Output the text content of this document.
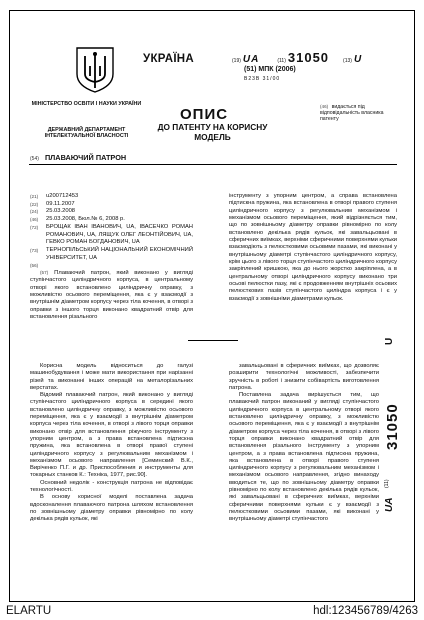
УКРАЇНА
МІНІСТЕРСТВО ОСВІТИ І НАУКИ УКРАЇНИ
ДЕРЖАВНИЙ ДЕПАРТАМЕНТ ІНТЕЛЕКТУАЛЬНОЇ ВЛАСНОСТІ
(19) UA	(11) 31050	(13) U
(51) МПК (2006)
B23B 31/00
ОПИС
ДО ПАТЕНТУ НА КОРИСНУ МОДЕЛЬ
(46) видається під відповідальність власника патенту
(54) ПЛАВАЮЧИЙ ПАТРОН
(21)	u200712453
(22)	09.11.2007
(24)	25.03.2008
(46)	25.03.2008, Бюл.№ 6, 2008 р.
(72)	БРОЩАК ІВАН ІВАНОВИЧ, UA, ІВАСЕЧКО РОМАН РОМАНОВИЧ, UA, ЛЯЩУК ОЛЕГ ЛЕОНТІЙОВИЧ, UA, ГЕВКО РОМАН БОГДАНОВИЧ, UA
(73)	ТЕРНОПІЛЬСЬКИЙ НАЦІОНАЛЬНИЙ ЕКОНОМІЧНИЙ УНІВЕРСИТЕТ, UA
(56)

(57) Плаваючий патрон, який виконано у вигляді ступінчастого циліндричного корпуса, в центральному отворі якого встановлено циліндричну оправку, з можливістю осьового переміщення, яка є у взаємодії з внутрішнім діаметром корпусу через тіла кочення, в отворі з оправки з іншого торця виконано квадратний отвір для встановлення різального

інструменту з упорним центром, а справа встановлена підтискна пружина, яка встановлена в отворі правого ступеня циліндричного корпусу з регулювальним механізмом і механізмом осьового переміщення, який відрізняється тим, що по зовнішньому діаметру оправки рівномірно по колу встановлено декілька рядів кульок, які завальцьовані в сферичних виїмках, верхніми сферичними поверхнями кульки взаємодіють з пелюстковими осьовими пазами, які виконані у внутрішньому діаметрі ступінчастого циліндричного корпусу, крім цього з лівого торця ступінчастого циліндричного корпусу закріплений кришкою, яка до нього жорстко закріплена, а в центральному отворі циліндричного корпусу виконано три осьові пелюстки пазу, які є продовженням внутрішніх осьових пелюсткових пазів ступінчастого циліндра корпуса і є у взаємодії з зовнішніми діаметрами кульок.

Корисна модель відноситься до галузі машинобудування і може мати використання при нарізанні різей та виконанні інших операцій на металорізальних верстатах.

Відомий плаваючий патрон, який виконано у вигляді ступінчастого циліндричного корпуса в середині якого встановлено циліндричну оправку, з можливістю осьового переміщення, яка є у взаємодії з внутрішнім діаметром корпуса через тіла кочення, в отворі з лівого торця оправки виконано отвір для встановлення ріжучого інструменту з упорним центром, а з права встановлена підтискна пружина, яка встановлена в отворі правої ступені циліндричного корпусу з регулювальним механізмом і механізмом осьового направлення [Семинский В.К., Виріченко П.Г. и др. Приспособления и инструменты для токарных станков К.: Техніка, 1977, рис.90].

Основний недолік - конструкція патрона не відповідає технологічності.

В основу корисної моделі поставлена задача вдосконалення плаваючого патрона шляхом встановлення по зовнішньому діаметру оправки рівномірно по колу декілька рядів кульок, які

завальцьовані в сферичних виїмках, що дозволяє розширити технологічні можливості, забезпечити зручність в роботі і знизити собівартість виготовлення патрона.

Поставлена задача вирішується тим, що плаваючий патрон виконаний у вигляді ступінчастого циліндричного корпуса в центральному отворі якого встановлено циліндричну оправку, з можливістю осьового переміщення, яка є у взаємодії з внутрішнім діаметром корпуса через тіла кочення, в отворі з лівого торця оправки виконано квадратний отвір для встановлення різального інструменту з упорним центром, а з права встановлена підтискна пружина, яка встановлена в отворі правого ступеня циліндричного корпусу з регулювальним механізмом і механізмом осьового направлення, згідно винаходу вводиться те, що по зовнішньому діаметру оправки рівномірно по колу встановлено декілька рядів кульок, які завальцьовані в сферичних виїмках, верхніми сферичними поверхнями кульки є у взаємодії з пелюстковими осьовими пазами, які виконані у внутрішньому діаметрі ступінчастого

U
31050
(11)
UA
ELARTU	hdl:123456789/4263
